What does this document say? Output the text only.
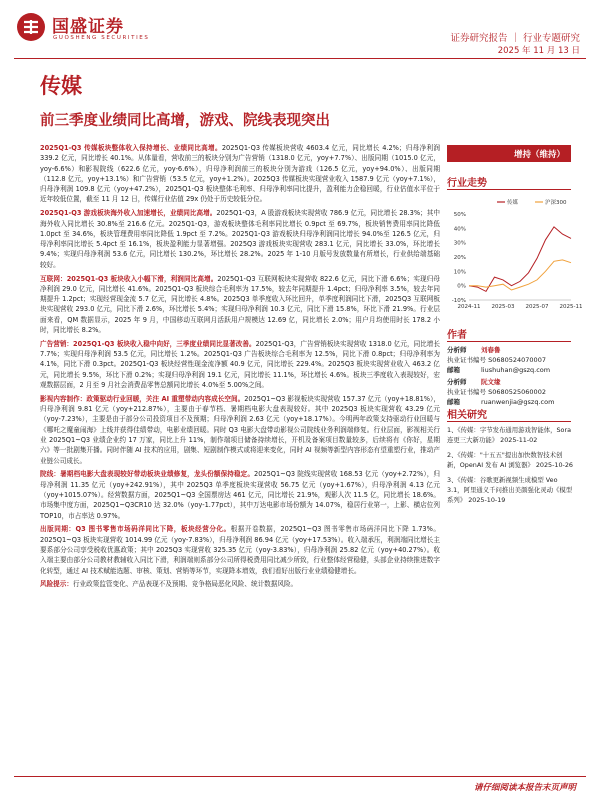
国盛证券
GUOSHENG SECURITIES	证券研究报告 ｜ 行业专题研究
2025 年 11 月 13 日
传媒
前三季度业绩同比高增，游戏、院线表现突出

2025Q1-Q3 传媒板块整体收入保持增长、业绩同比高增。2025Q1-Q3 传媒板块营收 4603.4 亿元，同比增长 4.2%；归母净利润 339.2 亿元，同比增长 40.1%。从体量看，营收前三的板块分别为广告营销（1318.0 亿元，yoy+7.7%）、出版同期（1015.0 亿元，yoy-6.6%）和影视院线（622.6 亿元，yoy-6.6%），归母净利润前三的板块分别为游戏（126.5 亿元，yoy+94.0%）、出版同期（112.8 亿元，yoy+13.1%）和广告营销（53.5 亿元，yoy+1.2%）。2025Q3 传媒板块实现营业收入 1587.9 亿元（yoy+7.1%），归母净利润 109.8 亿元（yoy+47.2%），2025Q1-Q3 板块整体毛利率、归母净利率同比提升，盈利能力企稳回暖，行业估值水平位于近年较低位置，截至 11 月 12 日，传媒行业估值 29x 仍处于历史较低分位。

2025Q1-Q3 游戏板块海外收入加速增长，业绩同比高增。2025Q1-Q3，A 股游戏板块实现营收 786.9 亿元，同比增长 28.3%；其中海外收入同比增长 30.8%至 216.6 亿元。2025Q1-Q3，游戏板块整体毛利率同比增长 0.9pct 至 69.7%，板块销售费用率同比降低 1.0pct 至 34.6%，板块管理费用率同比降低 1.9pct 至 7.2%。2025Q1-Q3 游戏板块归母净利润同比增长 94.0%至 126.5 亿元，归母净利率同比增长 5.4pct 至 16.1%，板块盈利能力显著增强。2025Q3 游戏板块实现营收 283.1 亿元，同比增长 33.0%，环比增长 9.4%；实现归母净利润 53.6 亿元，同比增长 130.2%，环比增长 28.2%。2025 年 1-10 月版号发放数量有所增长，行业供给端基础较好。

互联网：2025Q1-Q3 板块收入小幅下滑，利润同比高增。2025Q1-Q3 互联网板块实现营收 822.6 亿元，同比下滑 6.6%；实现归母净利润 29.0 亿元，同比增长 41.6%。2025Q1-Q3 板块综合毛利率为 17.5%，较去年同期提升 1.4pct；归母净利率 3.5%，较去年同期提升 1.2pct；实现经营现金流 5.7 亿元，同比增长 4.8%。2025Q3 单季度收入环比回升，单季度利润同比下滑，2025Q3 互联网板块实现营收 293.0 亿元，同比下滑 2.6%，环比增长 5.4%；实现归母净利润 10.3 亿元，同比下滑 15.8%，环比下滑 21.9%。行业层面来看，QM 数据显示，2025 年 9 月，中国移动互联网月活跃用户规模达 12.69 亿，同比增长 2.0%；用户月均使用时长 178.2 小时，同比增长 8.2%。

广告营销：2025Q1-Q3 板块收入稳中向好，三季度业绩同比显著改善。2025Q1-Q3，广告营销板块实现营收 1318.0 亿元，同比增长 7.7%；实现归母净利润 53.5 亿元，同比增长 1.2%。2025Q1-Q3 广告板块综合毛利率为 12.5%，同比下滑 0.8pct；归母净利率为 4.1%，同比下滑 0.3pct。2025Q1-Q3 板块经营性现金流净额 40.9 亿元，同比增长 229.4%。2025Q3 板块实现营业收入 463.2 亿元，同比增长 9.5%，环比下滑 0.2%；实现归母净利润 19.1 亿元，同比增长 11.1%，环比增长 4.6%。板块三季度收入表现较好，宏观数据层面，2 月至 9 月社会消费品零售总额同比增长 4.0%至 5.00%之间。

影视内容制作：政策驱动行业回暖，关注 AI 重塑带动内容成长空间。2025Q1~Q3 影视板块实现营收 157.37 亿元（yoy+18.81%），归母净利润 9.81 亿元（yoy+212.87%），主要由于春节档、暑期档电影大盘表现较好。其中 2025Q3 板块实现营收 43.29 亿元（yoy-7.23%），主要是由于部分公司投资项目不及预期；归母净利润 2.63 亿元（yoy+18.17%）。今明两年政策支持驱动行业回暖与《哪吒之魔童闹海》上线并获得佳绩带动，电影业绩回暖。同时 Q3 电影大盘带动影视公司院线业务利润端修复。行业层面，影视相关行业 2025Q1~Q3 业绩企业约 17 万家，同比上升 11%，制作端项目储备持续增长，开机及备案项目数量较多，后续将有《你好，星期六》等一批剧集开播。同时伴随 AI 技术的应用，剧集、短剧制作模式或将迎来变化，同时 AI 视频等新型内容形态有望重塑行业，推动产业链公司成长。

院线：暑期档电影大盘表现较好带动板块业绩修复，龙头份额保持稳定。2025Q1~Q3 院线实现营收 168.53 亿元（yoy+2.72%），归母净利润 11.35 亿元（yoy+242.91%），其中 2025Q3 单季度板块实现营收 56.75 亿元（yoy+1.67%），归母净利润 4.13 亿元（yoy+1015.07%）。经营数据方面，2025Q1~Q3 全国票房达 461 亿元，同比增长 21.9%，观影人次 11.5 亿，同比增长 18.6%。市场集中度方面，2025Q1~Q3CR10 达 32.0%（yoy-1.77pct），其中万达电影市场份额为 14.07%，稳居行业第一，上影、横店位列 TOP10，市占率达 0.97%。

出版同期：Q3 图书零售市场码洋同比下降，板块经营分化。根据开卷数据，2025Q1~Q3 图书零售市场码洋同比下降 1.73%。2025Q1~Q3 板块实现营收 1014.99 亿元（yoy-7.83%），归母净利润 86.94 亿元（yoy+17.53%）。收入端承压，利润端同比增长主要系部分公司享受税收优惠政策；其中 2025Q3 实现营收 325.35 亿元（yoy-3.83%），归母净利润 25.82 亿元（yoy+40.27%）。收入端主要由部分公司教材教辅收入同比下滑，利润端则系部分公司所得税费用同比减少所致，行业整体经营稳健，头部企业持续推进数字化转型，通过 AI 技术赋能选题、审核、策划、营销等环节，实现降本增效，我们看好出版行业业绩稳健增长。

风险提示：行业政策监管变化、产品表现不及预期、竞争格局恶化风险、统计数据风险。

增持（维持）
行业走势
-10%
0%
10%
20%
30%
40%
50%
2024-11 2025-03 2025-07 2025-11
传媒	沪深300
作者
分析师 刘春鲁
执业证书编号 S0680524070007
邮箱	liushuhan@gszq.com
分析师 阮文缘
执业证书编号 S0680525060002
邮箱	ruanwenjia@gszq.com
相关研究
1、《传媒：字节发布通用游戏智能体，Sora 连更三大新功能》 2025-11-02
2、《传媒："十五五"提出加快数智技术创新，OpenAI 发布 AI 浏览器》 2025-10-26
3、《传媒：谷歌更新视频生成模型 Veo 3.1，阿里通义千问推出美颜强化灵动《模型系列》 2025-10-19
请仔细阅读本报告末页声明
